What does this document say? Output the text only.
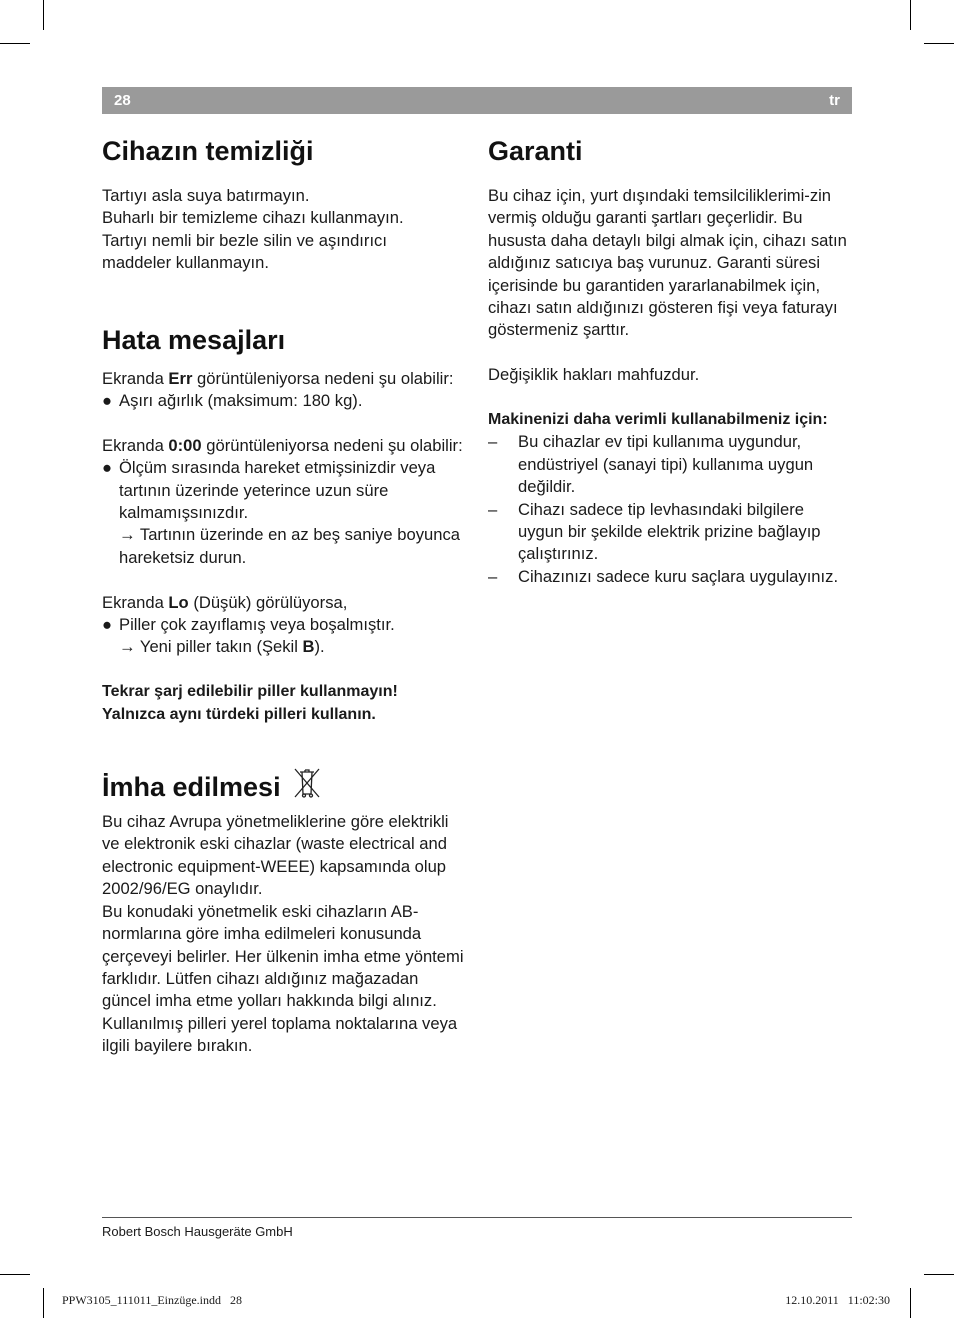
28	tr
Cihazın temizliği

Tartıyı asla suya batırmayın.

Buharlı bir temizleme cihazı kullanmayın.

Tartıyı nemli bir bezle silin ve aşındırıcı

maddeler kullanmayın.

Hata mesajları

Ekranda Err görüntüleniyorsa nedeni şu olabilir:

● Aşırı ağırlık (maksimum: 180 kg).

Ekranda 0:00 görüntüleniyorsa nedeni şu olabilir:

● Ölçüm sırasında hareket etmişsinizdir veya tartının üzerinde yeterince uzun süre kalmamışsınızdır.

→ Tartının üzerinde en az beş saniye boyunca hareketsiz durun.

Ekranda Lo (Düşük) görülüyorsa,

● Piller çok zayıflamış veya boşalmıştır.

→ Yeni piller takın (Şekil B).

Tekrar şarj edilebilir piller kullanmayın!

Yalnızca aynı türdeki pilleri kullanın.

İmha edilmesi

Bu cihaz Avrupa yönetmeliklerine göre elektrikli ve elektronik eski cihazlar (waste electrical and electronic equipment-WEEE) kapsamında olup 2002/96/EG onaylıdır.

Bu konudaki yönetmelik eski cihazların AB-normlarına göre imha edilmeleri konusunda çerçeveyi belirler. Her ülkenin imha etme yöntemi farklıdır. Lütfen cihazı aldığınız mağazadan güncel imha etme yolları hakkında bilgi alınız.

Kullanılmış pilleri yerel toplama noktalarına veya ilgili bayilere bırakın.

Garanti

Bu cihaz için, yurt dışındaki temsilciliklerimi-zin vermiş olduğu garanti şartları geçerlidir. Bu hususta daha detaylı bilgi almak için, cihazı satın aldığınız satıcıya baş vurunuz. Garanti süresi içerisinde bu garantiden yararlanabilmek için, cihazı satın aldığınızı gösteren fişi veya faturayı göstermeniz şarttır.

Değişiklik hakları mahfuzdur.

Makinenizi daha verimli kullanabilmeniz için:

–	Bu cihazlar ev tipi kullanıma uygundur, endüstriyel (sanayi tipi) kullanıma uygun değildir.
–	Cihazı sadece tip levhasındaki bilgilere uygun bir şekilde elektrik prizine bağlayıp çalıştırınız.
–	Cihazınızı sadece kuru saçlara uygulayınız.
Robert Bosch Hausgeräte GmbH
PPW3105_111011_Einzüge.indd   28	12.10.2011   11:02:30
